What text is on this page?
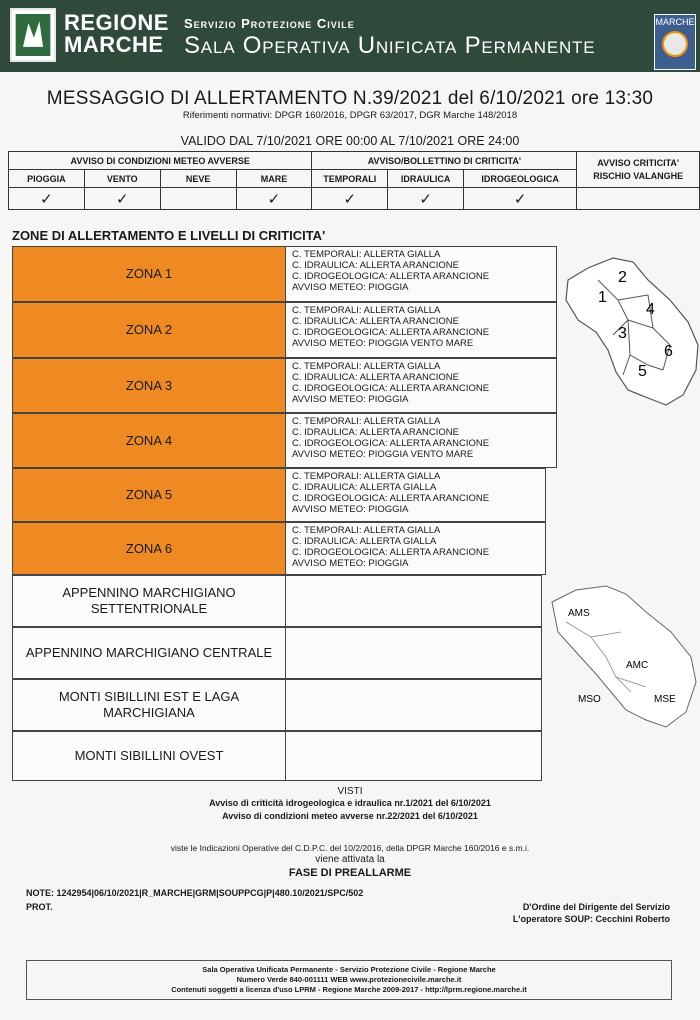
REGIONE
MARCHE
Servizio Protezione Civile
Sala Operativa Unificata Permanente
MARCHE
MESSAGGIO DI ALLERTAMENTO N.39/2021 del 6/10/2021 ore 13:30
Riferimenti normativi: DPGR 160/2016, DPGR 63/2017, DGR Marche 148/2018
VALIDO DAL 7/10/2021 ORE 00:00 AL 7/10/2021 ORE 24:00
AVVISO DI CONDIZIONI METEO AVVERSE				AVVISO/BOLLETTINO DI CRITICITA'			AVVISO CRITICITA'
RISCHIO VALANGHE

PIOGGIA	VENTO	NEVE	MARE	TEMPORALI	IDRAULICA	IDROGEOLOGICA	
✓	✓		✓	✓	✓	✓	
ZONE DI ALLERTAMENTO E LIVELLI DI CRITICITA'
ZONA 1
C. TEMPORALI: ALLERTA GIALLA
C. IDRAULICA: ALLERTA ARANCIONE
C. IDROGEOLOGICA: ALLERTA ARANCIONE
AVVISO METEO: PIOGGIA
ZONA 2
C. TEMPORALI: ALLERTA GIALLA
C. IDRAULICA: ALLERTA ARANCIONE
C. IDROGEOLOGICA: ALLERTA ARANCIONE
AVVISO METEO: PIOGGIA VENTO MARE
ZONA 3
C. TEMPORALI: ALLERTA GIALLA
C. IDRAULICA: ALLERTA ARANCIONE
C. IDROGEOLOGICA: ALLERTA ARANCIONE
AVVISO METEO: PIOGGIA
ZONA 4
C. TEMPORALI: ALLERTA GIALLA
C. IDRAULICA: ALLERTA ARANCIONE
C. IDROGEOLOGICA: ALLERTA ARANCIONE
AVVISO METEO: PIOGGIA VENTO MARE
ZONA 5
C. TEMPORALI: ALLERTA GIALLA
C. IDRAULICA: ALLERTA GIALLA
C. IDROGEOLOGICA: ALLERTA ARANCIONE
AVVISO METEO: PIOGGIA
ZONA 6
C. TEMPORALI: ALLERTA GIALLA
C. IDRAULICA: ALLERTA GIALLA
C. IDROGEOLOGICA: ALLERTA ARANCIONE
AVVISO METEO: PIOGGIA
APPENNINO MARCHIGIANO SETTENTRIONALE
APPENNINO MARCHIGIANO CENTRALE
MONTI SIBILLINI EST E LAGA MARCHIGIANA
MONTI SIBILLINI OVEST
1
2
3
4
5
6
AMS
AMC
MSO	MSE
VISTI
Avviso di criticità idrogeologica e idraulica nr.1/2021 del 6/10/2021
Avviso di condizioni meteo avverse nr.22/2021 del 6/10/2021
viste le Indicazioni Operative del C.D.P.C. del 10/2/2016, della DPGR Marche 160/2016 e s.m.i.
viene attivata la
FASE DI PREALLARME
NOTE: 1242954|06/10/2021|R_MARCHE|GRM|SOUPPCG|P|480.10/2021/SPC/502
PROT.	D'Ordine del Dirigente del Servizio
L'operatore SOUP: Cecchini Roberto
Sala Operativa Unificata Permanente - Servizio Protezione Civile - Regione Marche
Numero Verde 840-001111 WEB www.protezionecivile.marche.it
Contenuti soggetti a licenza d'uso LPRM - Regione Marche 2009-2017 - http://lprm.regione.marche.it
